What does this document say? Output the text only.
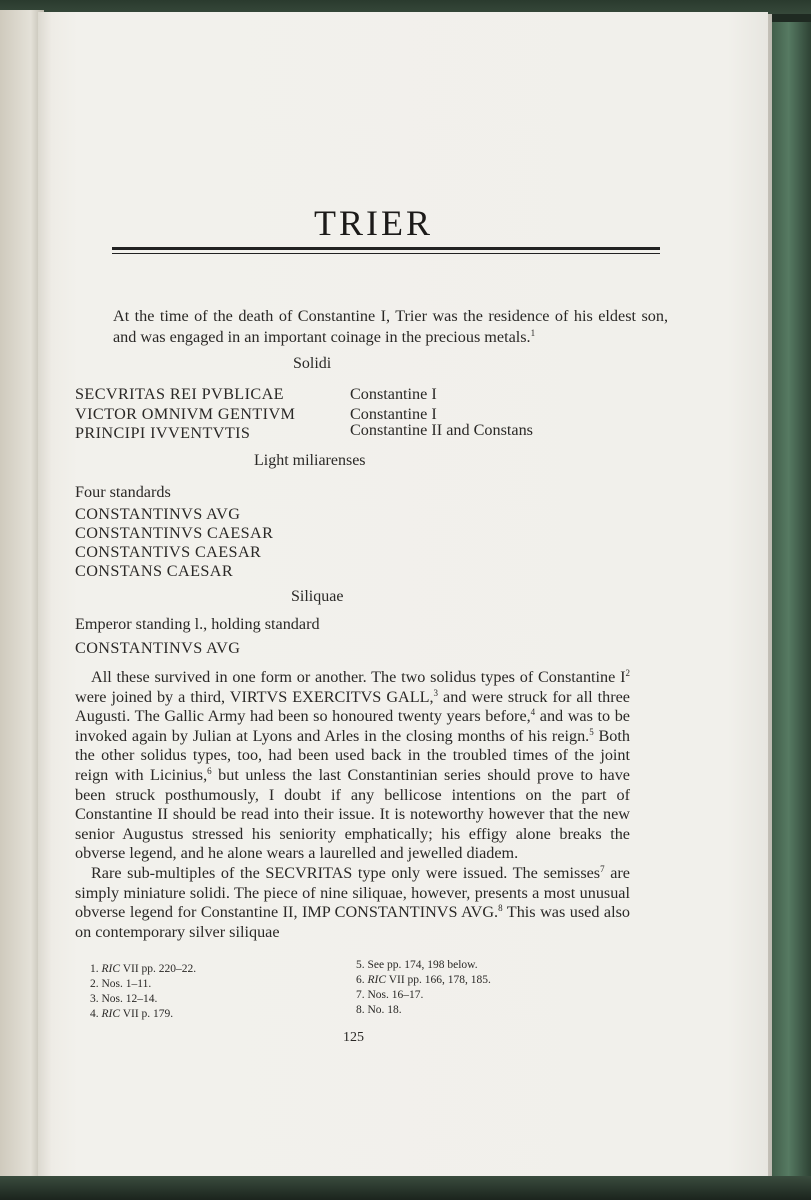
TRIER
At the time of the death of Constantine I, Trier was the residence of his eldest son, and was engaged in an important coinage in the precious metals.$^1$
Solidi
SECVRITAS REI PVBLICAE	Constantine I
VICTOR OMNIVM GENTIVM	Constantine I
PRINCIPI IVVENTVTIS	Constantine II and Constans
Light miliarenses
Four standards
CONSTANTINVS AVG
CONSTANTINVS CAESAR
CONSTANTIVS CAESAR
CONSTANS CAESAR
Siliquae
Emperor standing l., holding standard
CONSTANTINVS AVG

All these survived in one form or another. The two solidus types of Constantine $I^2$ were joined by a third, VIRTVS EXERCITVS GALL,$^3$ and were struck for all three Augusti. The Gallic Army had been so honoured twenty years before,$^4$ and was to be invoked again by Julian at Lyons and Arles in the closing months of his reign.$^5$ Both the other solidus types, too, had been used back in the troubled times of the joint reign with Licinius,$^6$ but unless the last Constantinian series should prove to have been struck posthumously, I doubt if any bellicose intentions on the part of Constantine II should be read into their issue. It is noteworthy however that the new senior Augustus stressed his seniority emphatically; his effigy alone breaks the obverse legend, and he alone wears a laurelled and jewelled diadem.

Rare sub-multiples of the SECVRITAS type only were issued. The semisses$^7$ are simply miniature solidi. The piece of nine siliquae, however, presents a most unusual obverse legend for Constantine II, IMP CONSTANTINVS AVG.$^8$ This was used also on contemporary silver siliquae

1. RIC VII pp. 220–22.
2. Nos. 1–11.
3. Nos. 12–14.
4. RIC VII p. 179.
5. See pp. 174, 198 below.
6. RIC VII pp. 166, 178, 185.
7. Nos. 16–17.
8. No. 18.
125
